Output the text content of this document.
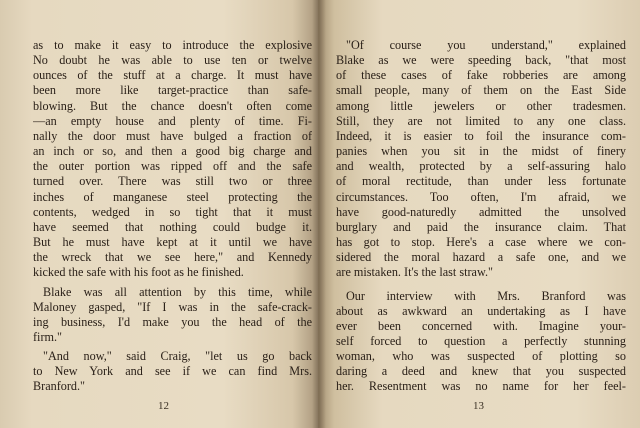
as to make it easy to introduce the explosive
No doubt he was able to use ten or twelve
ounces of the stuff at a charge. It must have
been more like target-practice than safe-
blowing. But the chance doesn't often come
—an empty house and plenty of time. Fi-
nally the door must have bulged a fraction of
an inch or so, and then a good big charge and
the outer portion was ripped off and the safe
turned over. There was still two or three
inches of manganese steel protecting the
contents, wedged in so tight that it must
have seemed that nothing could budge it.
But he must have kept at it until we have
the wreck that we see here," and Kennedy
kicked the safe with his foot as he finished.
Blake was all attention by this time, while
Maloney gasped, "If I was in the safe-crack-
ing business, I'd make you the head of the
firm."
"And now," said Craig, "let us go back
to New York and see if we can find Mrs.
Branford."
12
"Of course you understand," explained
Blake as we were speeding back, "that most
of these cases of fake robberies are among
small people, many of them on the East Side
among little jewelers or other tradesmen.
Still, they are not limited to any one class.
Indeed, it is easier to foil the insurance com-
panies when you sit in the midst of finery
and wealth, protected by a self-assuring halo
of moral rectitude, than under less fortunate
circumstances. Too often, I'm afraid, we
have good-naturedly admitted the unsolved
burglary and paid the insurance claim. That
has got to stop. Here's a case where we con-
sidered the moral hazard a safe one, and we
are mistaken. It's the last straw."
Our interview with Mrs. Branford was
about as awkward an undertaking as I have
ever been concerned with. Imagine your-
self forced to question a perfectly stunning
woman, who was suspected of plotting so
daring a deed and knew that you suspected
her. Resentment was no name for her feel-
13
